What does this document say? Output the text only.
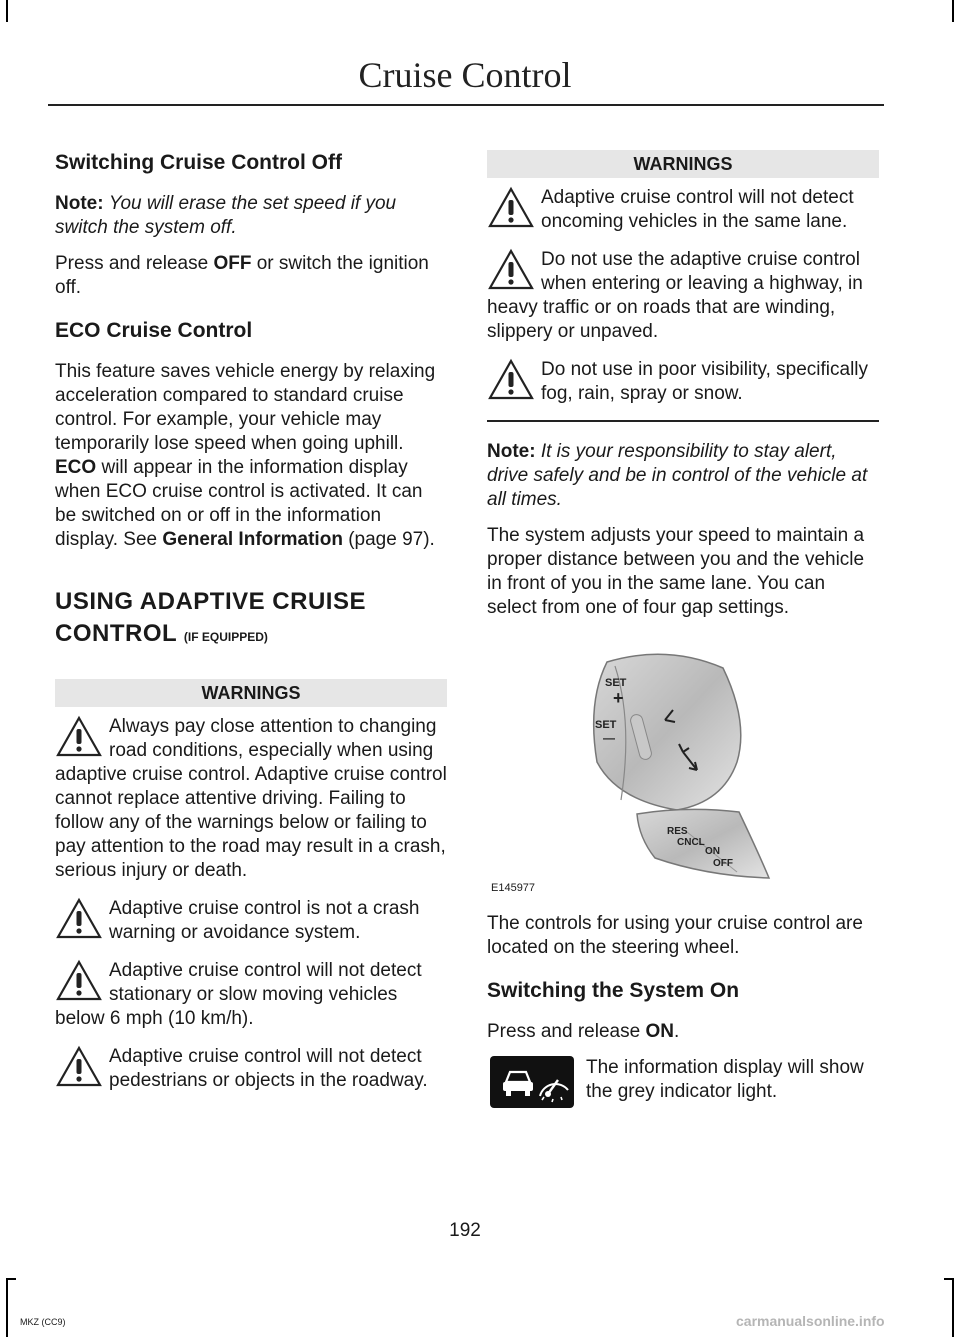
Cruise Control
Switching Cruise Control Off

Note: You will erase the set speed if you switch the system off.

Press and release OFF or switch the ignition off.

ECO Cruise Control

This feature saves vehicle energy by relaxing acceleration compared to standard cruise control. For example, your vehicle may temporarily lose speed when going uphill. ECO will appear in the information display when ECO cruise control is activated. It can be switched on or off in the information display. See General Information (page 97).

USING ADAPTIVE CRUISE
CONTROL (IF EQUIPPED)
WARNINGS
Always pay close attention to changing road conditions, especially when using adaptive cruise control. Adaptive cruise control cannot replace attentive driving. Failing to follow any of the warnings below or failing to pay attention to the road may result in a crash, serious injury or death.
Adaptive cruise control is not a crash warning or avoidance system.
Adaptive cruise control will not detect stationary or slow moving vehicles below 6 mph (10 km/h).
Adaptive cruise control will not detect pedestrians or objects in the roadway.
WARNINGS
Adaptive cruise control will not detect oncoming vehicles in the same lane.
Do not use the adaptive cruise control when entering or leaving a highway, in heavy traffic or on roads that are winding, slippery or unpaved.
Do not use in poor visibility, specifically fog, rain, spray or snow.

Note: It is your responsibility to stay alert, drive safely and be in control of the vehicle at all times.

The system adjusts your speed to maintain a proper distance between you and the vehicle in front of you in the same lane. You can select from one of four gap settings.

SET
+
SET
—
RES
CNCL
ON
OFF
E145977

The controls for using your cruise control are located on the steering wheel.

Switching the System On

Press and release ON.

The information display will show the grey indicator light.
192
MKZ (CC9)	carmanualsonline.info
